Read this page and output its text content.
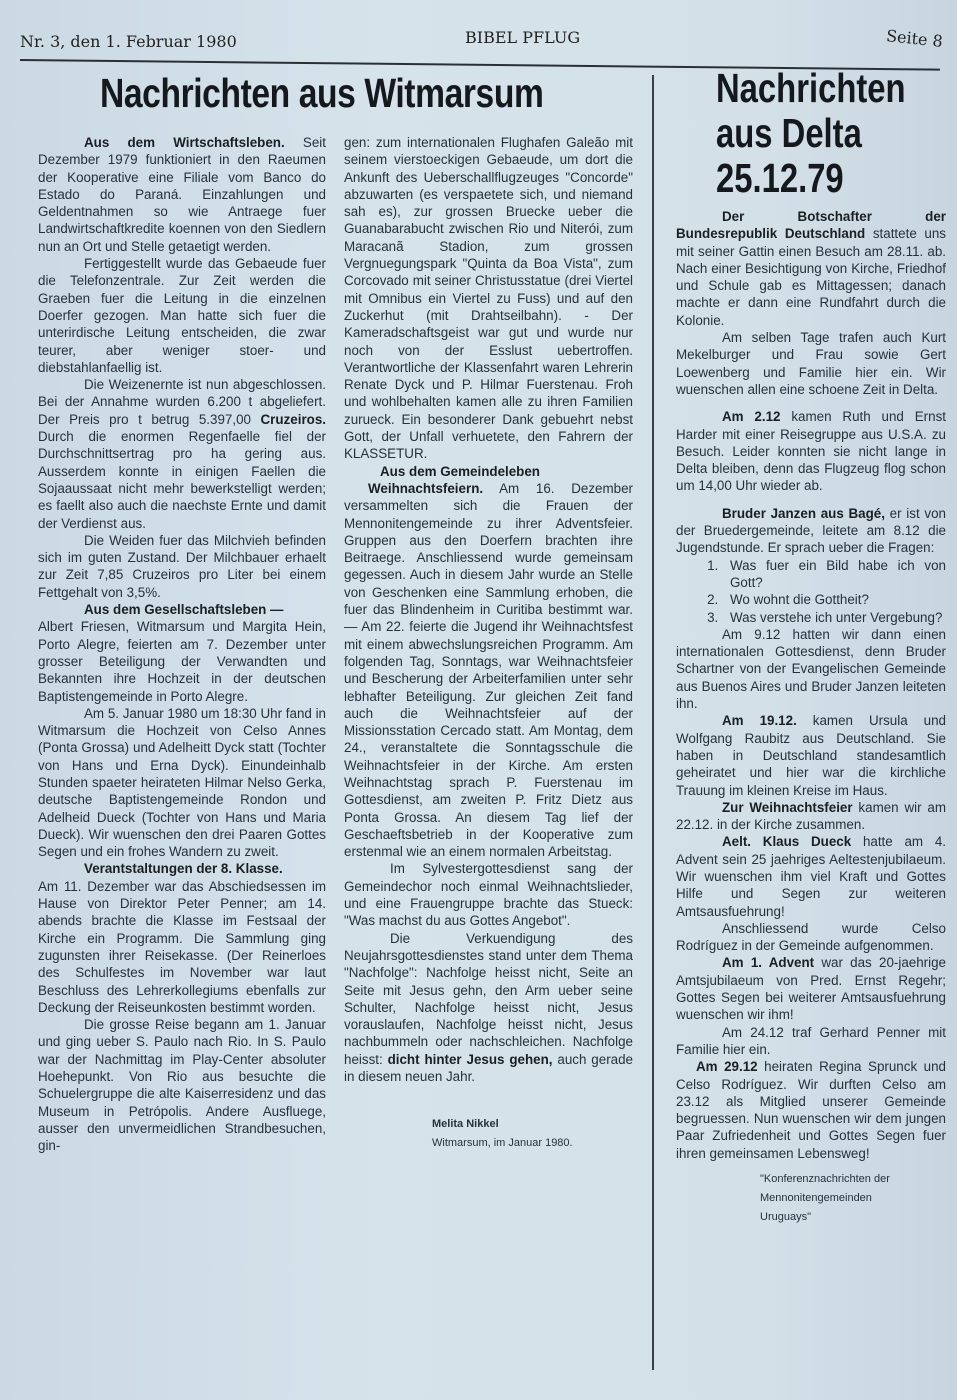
Nr. 3, den 1. Februar 1980	BIBEL PFLUG	Seite 8
Nachrichten aus Witmarsum

Aus dem Wirtschaftsleben. Seit Dezember 1979 funktioniert in den Raeumen der Kooperative eine Filiale vom Banco do Estado do Paraná. Einzahlungen und Geldentnahmen so wie Antraege fuer Landwirtschaftkredite koennen von den Siedlern nun an Ort und Stelle getaetigt werden.

Fertiggestellt wurde das Gebaeude fuer die Telefonzentrale. Zur Zeit werden die Graeben fuer die Leitung in die einzelnen Doerfer gezogen. Man hatte sich fuer die unterirdische Leitung entscheiden, die zwar teurer, aber weniger stoer- und diebstahlanfaellig ist.

Die Weizenernte ist nun abgeschlossen. Bei der Annahme wurden 6.200 t abgeliefert. Der Preis pro t betrug 5.397,00 Cruzeiros. Durch die enormen Regenfaelle fiel der Durchschnittsertrag pro ha gering aus. Ausserdem konnte in einigen Faellen die Sojaaussaat nicht mehr bewerkstelligt werden; es faellt also auch die naechste Ernte und damit der Verdienst aus.

Die Weiden fuer das Milchvieh befinden sich im guten Zustand. Der Milchbauer erhaelt zur Zeit 7,85 Cruzeiros pro Liter bei einem Fettgehalt von 3,5%.

Aus dem Gesellschaftsleben —

Albert Friesen, Witmarsum und Margita Hein, Porto Alegre, feierten am 7. Dezember unter grosser Beteiligung der Verwandten und Bekannten ihre Hochzeit in der deutschen Baptistengemeinde in Porto Alegre.

Am 5. Januar 1980 um 18:30 Uhr fand in Witmarsum die Hochzeit von Celso Annes (Ponta Grossa) und Adelheitt Dyck statt (Tochter von Hans und Erna Dyck). Einundeinhalb Stunden spaeter heirateten Hilmar Nelso Gerka, deutsche Baptistengemeinde Rondon und Adelheid Dueck (Tochter von Hans und Maria Dueck). Wir wuenschen den drei Paaren Gottes Segen und ein frohes Wandern zu zweit.

Verantstaltungen der 8. Klasse.

Am 11. Dezember war das Abschiedsessen im Hause von Direktor Peter Penner; am 14. abends brachte die Klasse im Festsaal der Kirche ein Programm. Die Sammlung ging zugunsten ihrer Reisekasse. (Der Reinerloes des Schulfestes im November war laut Beschluss des Lehrerkollegiums ebenfalls zur Deckung der Reiseunkosten bestimmt worden.

Die grosse Reise begann am 1. Januar und ging ueber S. Paulo nach Rio. In S. Paulo war der Nachmittag im Play-Center absoluter Hoehepunkt. Von Rio aus besuchte die Schuelergruppe die alte Kaiserresidenz und das Museum in Petrópolis. Andere Ausfluege, ausser den unvermeidlichen Strandbesuchen, gin-

gen: zum internationalen Flughafen Galeão mit seinem vierstoeckigen Gebaeude, um dort die Ankunft des Ueberschallflugzeuges "Concorde" abzuwarten (es verspaetete sich, und niemand sah es), zur grossen Bruecke ueber die Guanabarabucht zwischen Rio und Niterói, zum Maracanã Stadion, zum grossen Vergnuegungspark "Quinta da Boa Vista", zum Corcovado mit seiner Christusstatue (drei Viertel mit Omnibus ein Viertel zu Fuss) und auf den Zuckerhut (mit Drahtseilbahn). - Der Kameradschaftsgeist war gut und wurde nur noch von der Esslust uebertroffen. Verantwortliche der Klassenfahrt waren Lehrerin Renate Dyck und P. Hilmar Fuerstenau. Froh und wohlbehalten kamen alle zu ihren Familien zurueck. Ein besonderer Dank gebuehrt nebst Gott, der Unfall verhuetete, den Fahrern der KLASSETUR.

Aus dem Gemeindeleben

Weihnachtsfeiern. Am 16. Dezember versammelten sich die Frauen der Mennonitengemeinde zu ihrer Adventsfeier. Gruppen aus den Doerfern brachten ihre Beitraege. Anschliessend wurde gemeinsam gegessen. Auch in diesem Jahr wurde an Stelle von Geschenken eine Sammlung erhoben, die fuer das Blindenheim in Curitiba bestimmt war. — Am 22. feierte die Jugend ihr Weihnachtsfest mit einem abwechslungsreichen Programm. Am folgenden Tag, Sonntags, war Weihnachtsfeier und Bescherung der Arbeiterfamilien unter sehr lebhafter Beteiligung. Zur gleichen Zeit fand auch die Weihnachtsfeier auf der Missionsstation Cercado statt. Am Montag, dem 24., veranstaltete die Sonntagsschule die Weihnachtsfeier in der Kirche. Am ersten Weihnachtstag sprach P. Fuerstenau im Gottesdienst, am zweiten P. Fritz Dietz aus Ponta Grossa. An diesem Tag lief der Geschaeftsbetrieb in der Kooperative zum erstenmal wie an einem normalen Arbeitstag.

Im Sylvestergottesdienst sang der Gemeindechor noch einmal Weihnachtslieder, und eine Frauengruppe brachte das Stueck: "Was machst du aus Gottes Angebot".

Die Verkuendigung des Neujahrsgottesdienstes stand unter dem Thema "Nachfolge": Nachfolge heisst nicht, Seite an Seite mit Jesus gehn, den Arm ueber seine Schulter, Nachfolge heisst nicht, Jesus vorauslaufen, Nachfolge heisst nicht, Jesus nachbummeln oder nachschleichen. Nachfolge heisst: dicht hinter Jesus gehen, auch gerade in diesem neuen Jahr.

Melita Nikkel
Witmarsum, im Januar 1980.
Nachrichten
aus Delta
25.12.79

Der Botschafter der Bundesrepublik Deutschland stattete uns mit seiner Gattin einen Besuch am 28.11. ab. Nach einer Besichtigung von Kirche, Friedhof und Schule gab es Mittagessen; danach machte er dann eine Rundfahrt durch die Kolonie.

Am selben Tage trafen auch Kurt Mekelburger und Frau sowie Gert Loewenberg und Familie hier ein. Wir wuenschen allen eine schoene Zeit in Delta.

Am 2.12 kamen Ruth und Ernst Harder mit einer Reisegruppe aus U.S.A. zu Besuch. Leider konnten sie nicht lange in Delta bleiben, denn das Flugzeug flog schon um 14,00 Uhr wieder ab.

Bruder Janzen aus Bagé, er ist von der Bruedergemeinde, leitete am 8.12 die Jugendstunde. Er sprach ueber die Fragen:

1. Was fuer ein Bild habe ich von Gott?
2. Wo wohnt die Gottheit?
3. Was verstehe ich unter Vergebung?

Am 9.12 hatten wir dann einen internationalen Gottesdienst, denn Bruder Schartner von der Evangelischen Gemeinde aus Buenos Aires und Bruder Janzen leiteten ihn.

Am 19.12. kamen Ursula und Wolfgang Raubitz aus Deutschland. Sie haben in Deutschland standesamtlich geheiratet und hier war die kirchliche Trauung im kleinen Kreise im Haus.

Zur Weihnachtsfeier kamen wir am 22.12. in der Kirche zusammen.

Aelt. Klaus Dueck hatte am 4. Advent sein 25 jaehriges Aeltestenjubilaeum. Wir wuenschen ihm viel Kraft und Gottes Hilfe und Segen zur weiteren Amtsausfuehrung!

Anschliessend wurde Celso Rodríguez in der Gemeinde aufgenommen.

Am 1. Advent war das 20-jaehrige Amtsjubilaeum von Pred. Ernst Regehr; Gottes Segen bei weiterer Amtsausfuehrung wuenschen wir ihm!

Am 24.12 traf Gerhard Penner mit Familie hier ein.

Am 29.12 heiraten Regina Sprunck und Celso Rodríguez. Wir durften Celso am 23.12 als Mitglied unserer Gemeinde begruessen. Nun wuenschen wir dem jungen Paar Zufriedenheit und Gottes Segen fuer ihren gemeinsamen Lebensweg!

"Konferenznachrichten der
Mennonitengemeinden
Uruguays"
